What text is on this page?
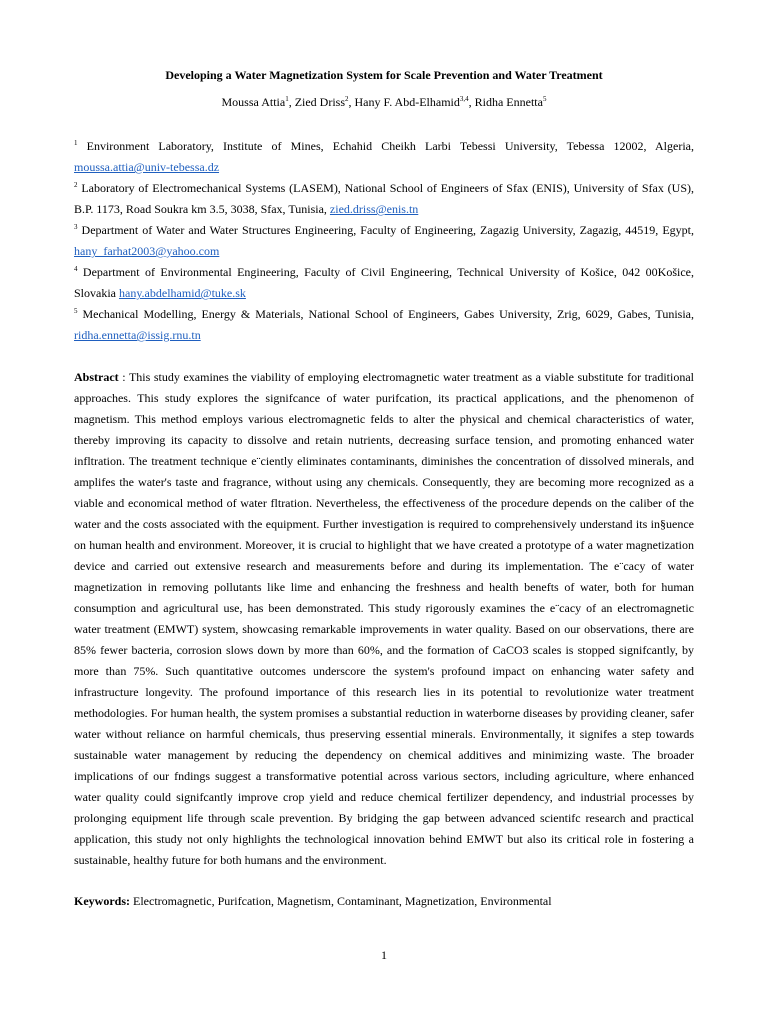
Developing a Water Magnetization System for Scale Prevention and Water Treatment
Moussa Attia$^1$, Zied Driss$^2$, Hany F. Abd-Elhamid$^{3,4}$, Ridha Ennetta$^5$

$^1$ Environment Laboratory, Institute of Mines, Echahid Cheikh Larbi Tebessi University, Tebessa 12002, Algeria, moussa.attia@univ-tebessa.dz

$^2$ Laboratory of Electromechanical Systems (LASEM), National School of Engineers of Sfax (ENIS), University of Sfax (US), B.P. 1173, Road Soukra km 3.5, 3038, Sfax, Tunisia, zied.driss@enis.tn

$^3$ Department of Water and Water Structures Engineering, Faculty of Engineering, Zagazig University, Zagazig, 44519, Egypt, hany_farhat2003@yahoo.com

$^4$ Department of Environmental Engineering, Faculty of Civil Engineering, Technical University of Košice, 042 00Košice, Slovakia hany.abdelhamid@tuke.sk

$^5$ Mechanical Modelling, Energy & Materials, National School of Engineers, Gabes University, Zrig, 6029, Gabes, Tunisia, ridha.ennetta@issig.rnu.tn

Abstract : This study examines the viability of employing electromagnetic water treatment as a viable substitute for traditional approaches. This study explores the signifcance of water purifcation, its practical applications, and the phenomenon of magnetism. This method employs various electromagnetic felds to alter the physical and chemical characteristics of water, thereby improving its capacity to dissolve and retain nutrients, decreasing surface tension, and promoting enhanced water infltration. The treatment technique e¨ciently eliminates contaminants, diminishes the concentration of dissolved minerals, and amplifes the water's taste and fragrance, without using any chemicals. Consequently, they are becoming more recognized as a viable and economical method of water fltration. Nevertheless, the effectiveness of the procedure depends on the caliber of the water and the costs associated with the equipment. Further investigation is required to comprehensively understand its in§uence on human health and environment. Moreover, it is crucial to highlight that we have created a prototype of a water magnetization device and carried out extensive research and measurements before and during its implementation. The e¨cacy of water magnetization in removing pollutants like lime and enhancing the freshness and health benefts of water, both for human consumption and agricultural use, has been demonstrated. This study rigorously examines the e¨cacy of an electromagnetic water treatment (EMWT) system, showcasing remarkable improvements in water quality. Based on our observations, there are 85% fewer bacteria, corrosion slows down by more than 60%, and the formation of CaCO3 scales is stopped signifcantly, by more than 75%. Such quantitative outcomes underscore the system's profound impact on enhancing water safety and infrastructure longevity. The profound importance of this research lies in its potential to revolutionize water treatment methodologies. For human health, the system promises a substantial reduction in waterborne diseases by providing cleaner, safer water without reliance on harmful chemicals, thus preserving essential minerals. Environmentally, it signifes a step towards sustainable water management by reducing the dependency on chemical additives and minimizing waste. The broader implications of our fndings suggest a transformative potential across various sectors, including agriculture, where enhanced water quality could signifcantly improve crop yield and reduce chemical fertilizer dependency, and industrial processes by prolonging equipment life through scale prevention. By bridging the gap between advanced scientifc research and practical application, this study not only highlights the technological innovation behind EMWT but also its critical role in fostering a sustainable, healthy future for both humans and the environment.

Keywords: Electromagnetic, Purifcation, Magnetism, Contaminant, Magnetization, Environmental

1
